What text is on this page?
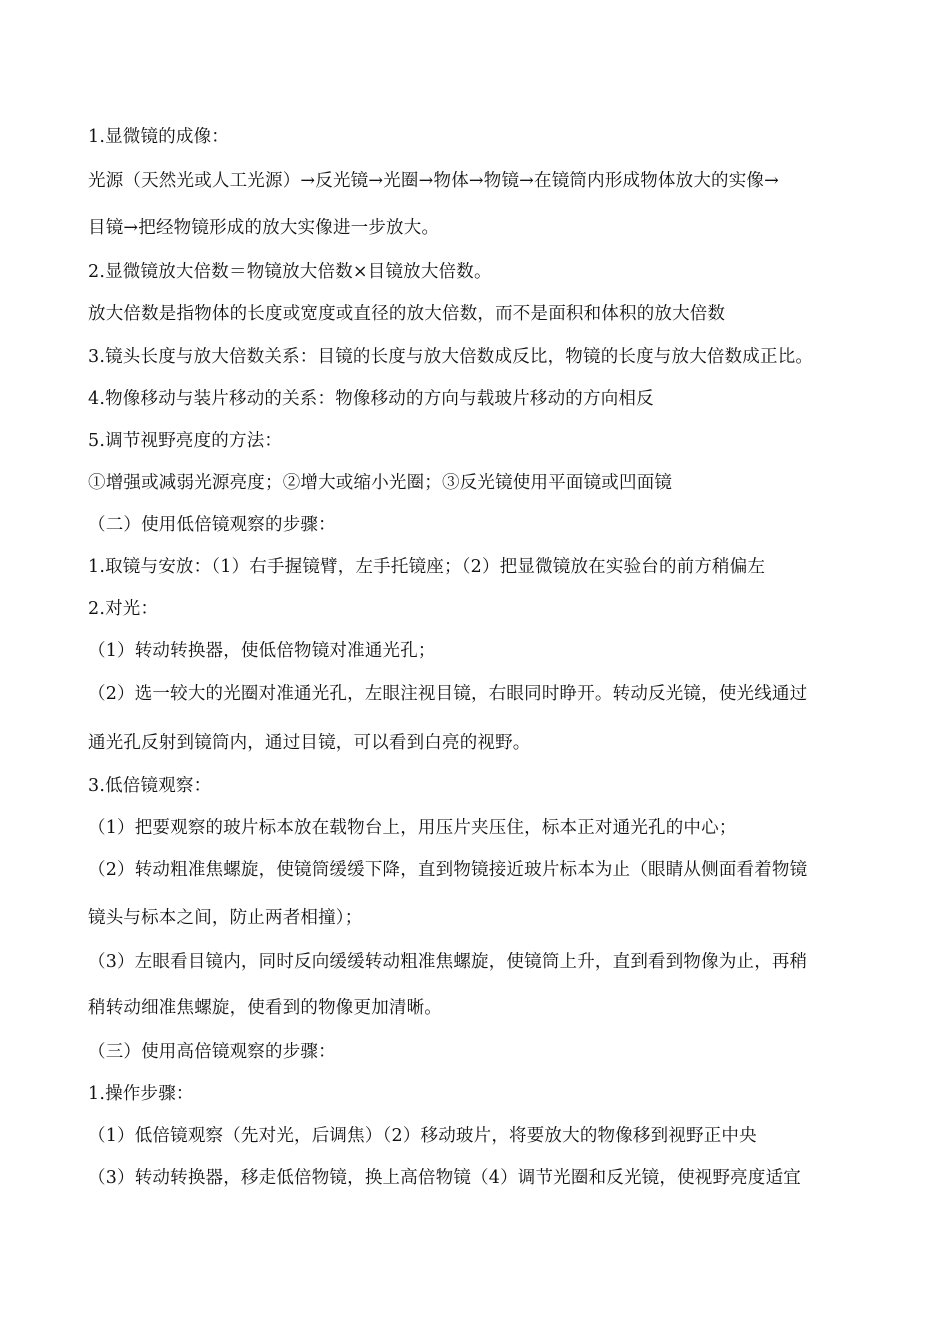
1.显微镜的成像：
光源（天然光或人工光源）→反光镜→光圈→物体→物镜→在镜筒内形成物体放大的实像→
目镜→把经物镜形成的放大实像进一步放大。
2.显微镜放大倍数＝物镜放大倍数×目镜放大倍数。
放大倍数是指物体的长度或宽度或直径的放大倍数，而不是面积和体积的放大倍数
3.镜头长度与放大倍数关系：目镜的长度与放大倍数成反比，物镜的长度与放大倍数成正比。
4.物像移动与装片移动的关系：物像移动的方向与载玻片移动的方向相反
5.调节视野亮度的方法：
①增强或减弱光源亮度；②增大或缩小光圈；③反光镜使用平面镜或凹面镜
（二）使用低倍镜观察的步骤：
1.取镜与安放：（1）右手握镜臂，左手托镜座；（2）把显微镜放在实验台的前方稍偏左
2.对光：
（1）转动转换器，使低倍物镜对准通光孔；
（2）选一较大的光圈对准通光孔，左眼注视目镜，右眼同时睁开。转动反光镜，使光线通过
通光孔反射到镜筒内，通过目镜，可以看到白亮的视野。
3.低倍镜观察：
（1）把要观察的玻片标本放在载物台上，用压片夹压住，标本正对通光孔的中心；
（2）转动粗准焦螺旋，使镜筒缓缓下降，直到物镜接近玻片标本为止（眼睛从侧面看着物镜
镜头与标本之间，防止两者相撞）；
（3）左眼看目镜内，同时反向缓缓转动粗准焦螺旋，使镜筒上升，直到看到物像为止，再稍
稍转动细准焦螺旋，使看到的物像更加清晰。
（三）使用高倍镜观察的步骤：
1.操作步骤：
（1）低倍镜观察（先对光，后调焦）（2）移动玻片，将要放大的物像移到视野正中央
（3）转动转换器，移走低倍物镜，换上高倍物镜（4）调节光圈和反光镜，使视野亮度适宜
